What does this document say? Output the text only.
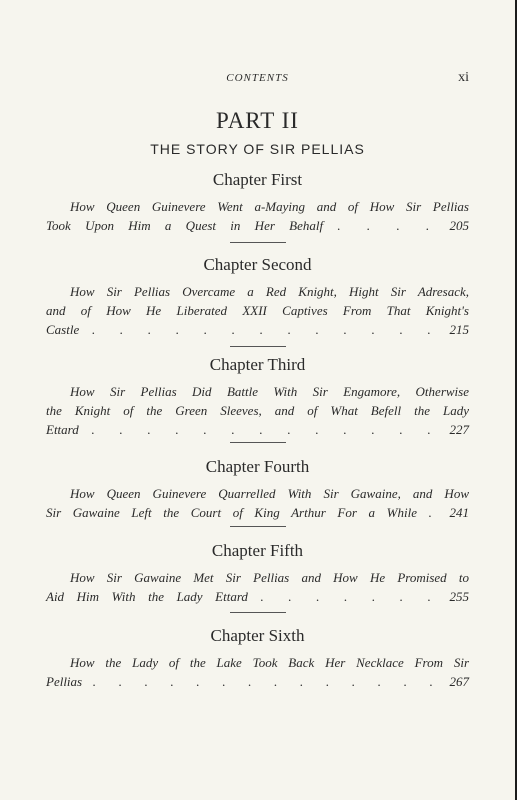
CONTENTS	xi
PART II
THE STORY OF SIR PELLIAS
Chapter First
How Queen Guinevere Went a-Maying and of How Sir Pellias
Took Upon Him a Quest in Her Behalf . . . . 205
Chapter Second
How Sir Pellias Overcame a Red Knight, Hight Sir Adresack,
and of How He Liberated XXII Captives From That Knight's
Castle . . . . . . . . . . . . . 215
Chapter Third
How Sir Pellias Did Battle With Sir Engamore, Otherwise
the Knight of the Green Sleeves, and of What Befell the Lady
Ettard . . . . . . . . . . . . . 227
Chapter Fourth
How Queen Guinevere Quarrelled With Sir Gawaine, and How
Sir Gawaine Left the Court of King Arthur For a While . 241
Chapter Fifth
How Sir Gawaine Met Sir Pellias and How He Promised to
Aid Him With the Lady Ettard . . . . . . . 255
Chapter Sixth
How the Lady of the Lake Took Back Her Necklace From Sir
Pellias . . . . . . . . . . . . . . 267
